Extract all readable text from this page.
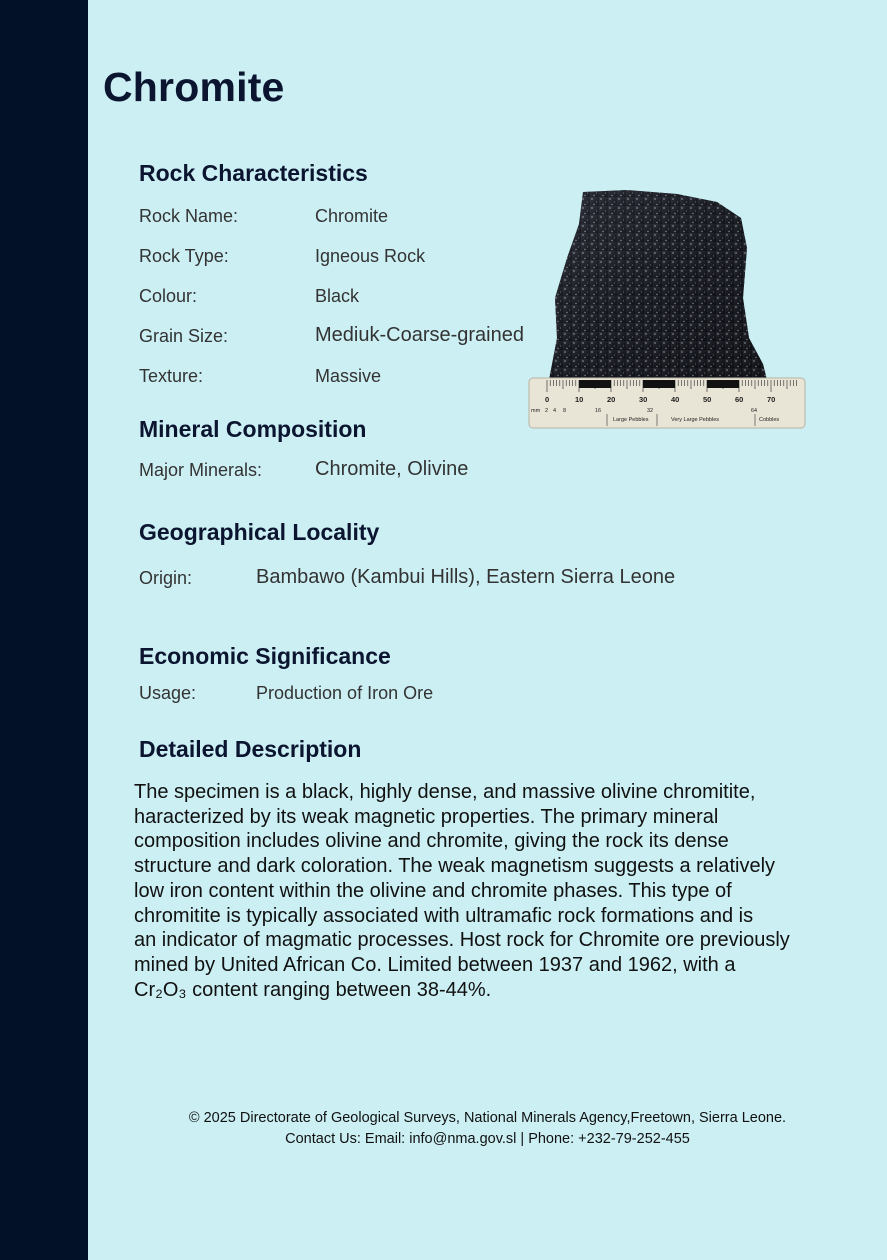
Chromite
Rock Characteristics
Rock Name:	Chromite
Rock Type:	Igneous Rock
Colour:	Black
Grain Size:	Mediuk-Coarse-grained
Texture:	Massive
0	10	20	30	40	50	60	70
mm 2 4 8	16	32	64
Large Pebbles	Very Large Pebbles	Cobbles
Mineral Composition
Major Minerals:	Chromite, Olivine
Geographical Locality
Origin:	Bambawo (Kambui Hills), Eastern Sierra Leone
Economic Significance
Usage:	Production of Iron Ore
Detailed Description

The specimen is a black, highly dense, and massive olivine chromitite,
haracterized by its weak magnetic properties. The primary mineral
composition includes olivine and chromite, giving the rock its dense
structure and dark coloration. The weak magnetism suggests a relatively
low iron content within the olivine and chromite phases. This type of
chromitite is typically associated with ultramafic rock formations and is
an indicator of magmatic processes. Host rock for Chromite ore previously
mined by United African Co. Limited between 1937 and 1962, with a
Cr₂O₃ content ranging between 38-44%.

© 2025 Directorate of Geological Surveys, National Minerals Agency,Freetown, Sierra Leone.
Contact Us: Email: info@nma.gov.sl | Phone: +232-79-252-455
